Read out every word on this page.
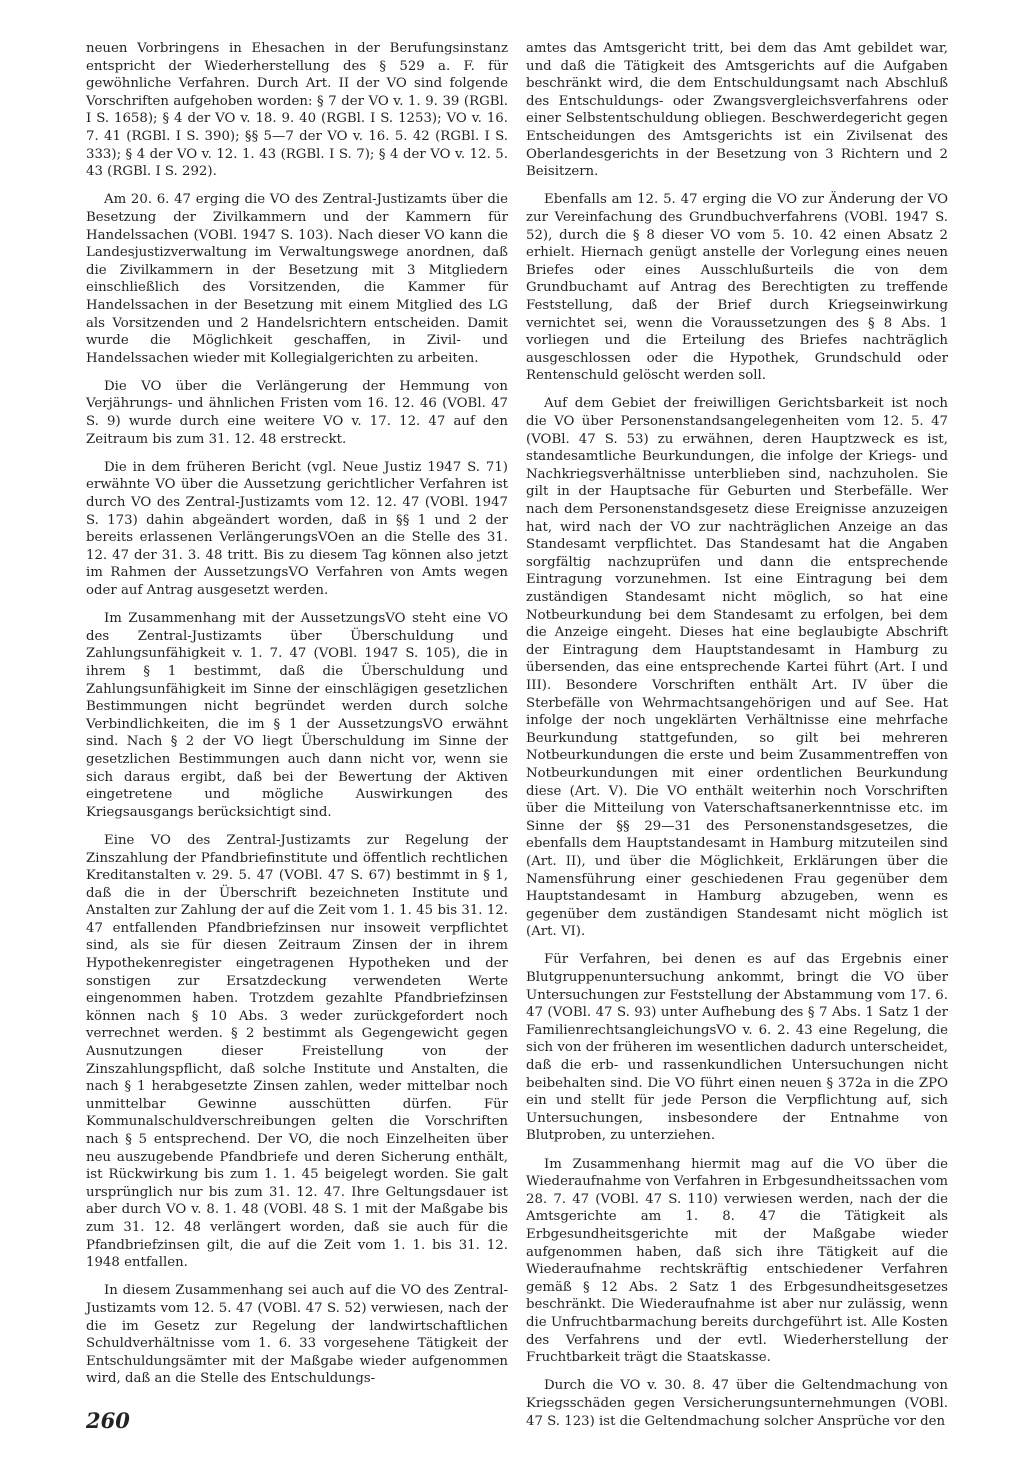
neuen Vorbringens in Ehesachen in der Berufungsinstanz entspricht der Wiederherstellung des § 529 a. F. für gewöhnliche Verfahren. Durch Art. II der VO sind folgende Vorschriften aufgehoben worden: § 7 der VO v. 1. 9. 39 (RGBl. I S. 1658); § 4 der VO v. 18. 9. 40 (RGBl. I S. 1253); VO v. 16. 7. 41 (RGBl. I S. 390); §§ 5—7 der VO v. 16. 5. 42 (RGBl. I S. 333); § 4 der VO v. 12. 1. 43 (RGBl. I S. 7); § 4 der VO v. 12. 5. 43 (RGBl. I S. 292).

Am 20. 6. 47 erging die VO des Zentral-Justizamts über die Besetzung der Zivilkammern und der Kammern für Handelssachen (VOBl. 1947 S. 103). Nach dieser VO kann die Landesjustizverwaltung im Verwaltungswege anordnen, daß die Zivilkammern in der Besetzung mit 3 Mitgliedern einschließlich des Vorsitzenden, die Kammer für Handelssachen in der Besetzung mit einem Mitglied des LG als Vorsitzenden und 2 Handelsrichtern entscheiden. Damit wurde die Möglichkeit geschaffen, in Zivil- und Handelssachen wieder mit Kollegialgerichten zu arbeiten.

Die VO über die Verlängerung der Hemmung von Verjährungs- und ähnlichen Fristen vom 16. 12. 46 (VOBl. 47 S. 9) wurde durch eine weitere VO v. 17. 12. 47 auf den Zeitraum bis zum 31. 12. 48 erstreckt.

Die in dem früheren Bericht (vgl. Neue Justiz 1947 S. 71) erwähnte VO über die Aussetzung gerichtlicher Verfahren ist durch VO des Zentral-Justizamts vom 12. 12. 47 (VOBl. 1947 S. 173) dahin abgeändert worden, daß in §§ 1 und 2 der bereits erlassenen VerlängerungsVOen an die Stelle des 31. 12. 47 der 31. 3. 48 tritt. Bis zu diesem Tag können also jetzt im Rahmen der AussetzungsVO Verfahren von Amts wegen oder auf Antrag ausgesetzt werden.

Im Zusammenhang mit der AussetzungsVO steht eine VO des Zentral-Justizamts über Überschuldung und Zahlungsunfähigkeit v. 1. 7. 47 (VOBl. 1947 S. 105), die in ihrem § 1 bestimmt, daß die Überschuldung und Zahlungsunfähigkeit im Sinne der einschlägigen gesetzlichen Bestimmungen nicht begründet werden durch solche Verbindlichkeiten, die im § 1 der AussetzungsVO erwähnt sind. Nach § 2 der VO liegt Überschuldung im Sinne der gesetzlichen Bestimmungen auch dann nicht vor, wenn sie sich daraus ergibt, daß bei der Bewertung der Aktiven eingetretene und mögliche Auswirkungen des Kriegsausgangs berücksichtigt sind.

Eine VO des Zentral-Justizamts zur Regelung der Zinszahlung der Pfandbriefinstitute und öffentlich rechtlichen Kreditanstalten v. 29. 5. 47 (VOBl. 47 S. 67) bestimmt in § 1, daß die in der Überschrift bezeichneten Institute und Anstalten zur Zahlung der auf die Zeit vom 1. 1. 45 bis 31. 12. 47 entfallenden Pfandbriefzinsen nur insoweit verpflichtet sind, als sie für diesen Zeitraum Zinsen der in ihrem Hypothekenregister eingetragenen Hypotheken und der sonstigen zur Ersatzdeckung verwendeten Werte eingenommen haben. Trotzdem gezahlte Pfandbriefzinsen können nach § 10 Abs. 3 weder zurückgefordert noch verrechnet werden. § 2 bestimmt als Gegengewicht gegen Ausnutzungen dieser Freistellung von der Zinszahlungspflicht, daß solche Institute und Anstalten, die nach § 1 herabgesetzte Zinsen zahlen, weder mittelbar noch unmittelbar Gewinne ausschütten dürfen. Für Kommunalschuldverschreibungen gelten die Vorschriften nach § 5 entsprechend. Der VO, die noch Einzelheiten über neu auszugebende Pfandbriefe und deren Sicherung enthält, ist Rückwirkung bis zum 1. 1. 45 beigelegt worden. Sie galt ursprünglich nur bis zum 31. 12. 47. Ihre Geltungsdauer ist aber durch VO v. 8. 1. 48 (VOBl. 48 S. 1 mit der Maßgabe bis zum 31. 12. 48 verlängert worden, daß sie auch für die Pfandbriefzinsen gilt, die auf die Zeit vom 1. 1. bis 31. 12. 1948 entfallen.

In diesem Zusammenhang sei auch auf die VO des Zentral-Justizamts vom 12. 5. 47 (VOBl. 47 S. 52) verwiesen, nach der die im Gesetz zur Regelung der landwirtschaftlichen Schuldverhältnisse vom 1. 6. 33 vorgesehene Tätigkeit der Entschuldungsämter mit der Maßgabe wieder aufgenommen wird, daß an die Stelle des Entschuldungs-

amtes das Amtsgericht tritt, bei dem das Amt gebildet war, und daß die Tätigkeit des Amtsgerichts auf die Aufgaben beschränkt wird, die dem Entschuldungsamt nach Abschluß des Entschuldungs- oder Zwangsvergleichsverfahrens oder einer Selbstentschuldung obliegen. Beschwerdegericht gegen Entscheidungen des Amtsgerichts ist ein Zivilsenat des Oberlandesgerichts in der Besetzung von 3 Richtern und 2 Beisitzern.

Ebenfalls am 12. 5. 47 erging die VO zur Änderung der VO zur Vereinfachung des Grundbuchverfahrens (VOBl. 1947 S. 52), durch die § 8 dieser VO vom 5. 10. 42 einen Absatz 2 erhielt. Hiernach genügt anstelle der Vorlegung eines neuen Briefes oder eines Ausschlußurteils die von dem Grundbuchamt auf Antrag des Berechtigten zu treffende Feststellung, daß der Brief durch Kriegseinwirkung vernichtet sei, wenn die Voraussetzungen des § 8 Abs. 1 vorliegen und die Erteilung des Briefes nachträglich ausgeschlossen oder die Hypothek, Grundschuld oder Rentenschuld gelöscht werden soll.

Auf dem Gebiet der freiwilligen Gerichtsbarkeit ist noch die VO über Personenstandsangelegenheiten vom 12. 5. 47 (VOBl. 47 S. 53) zu erwähnen, deren Hauptzweck es ist, standesamtliche Beurkundungen, die infolge der Kriegs- und Nachkriegsverhältnisse unterblieben sind, nachzuholen. Sie gilt in der Hauptsache für Geburten und Sterbefälle. Wer nach dem Personenstandsgesetz diese Ereignisse anzuzeigen hat, wird nach der VO zur nachträglichen Anzeige an das Standesamt verpflichtet. Das Standesamt hat die Angaben sorgfältig nachzuprüfen und dann die entsprechende Eintragung vorzunehmen. Ist eine Eintragung bei dem zuständigen Standesamt nicht möglich, so hat eine Notbeurkundung bei dem Standesamt zu erfolgen, bei dem die Anzeige eingeht. Dieses hat eine beglaubigte Abschrift der Eintragung dem Hauptstandesamt in Hamburg zu übersenden, das eine entsprechende Kartei führt (Art. I und III). Besondere Vorschriften enthält Art. IV über die Sterbefälle von Wehrmachtsangehörigen und auf See. Hat infolge der noch ungeklärten Verhältnisse eine mehrfache Beurkundung stattgefunden, so gilt bei mehreren Notbeurkundungen die erste und beim Zusammentreffen von Notbeurkundungen mit einer ordentlichen Beurkundung diese (Art. V). Die VO enthält weiterhin noch Vorschriften über die Mitteilung von Vaterschaftsanerkenntnisse etc. im Sinne der §§ 29—31 des Personenstandsgesetzes, die ebenfalls dem Hauptstandesamt in Hamburg mitzuteilen sind (Art. II), und über die Möglichkeit, Erklärungen über die Namensführung einer geschiedenen Frau gegenüber dem Hauptstandesamt in Hamburg abzugeben, wenn es gegenüber dem zuständigen Standesamt nicht möglich ist (Art. VI).

Für Verfahren, bei denen es auf das Ergebnis einer Blutgruppenuntersuchung ankommt, bringt die VO über Untersuchungen zur Feststellung der Abstammung vom 17. 6. 47 (VOBl. 47 S. 93) unter Aufhebung des § 7 Abs. 1 Satz 1 der FamilienrechtsangleichungsVO v. 6. 2. 43 eine Regelung, die sich von der früheren im wesentlichen dadurch unterscheidet, daß die erb- und rassenkundlichen Untersuchungen nicht beibehalten sind. Die VO führt einen neuen § 372a in die ZPO ein und stellt für jede Person die Verpflichtung auf, sich Untersuchungen, insbesondere der Entnahme von Blutproben, zu unterziehen.

Im Zusammenhang hiermit mag auf die VO über die Wiederaufnahme von Verfahren in Erbgesundheitssachen vom 28. 7. 47 (VOBl. 47 S. 110) verwiesen werden, nach der die Amtsgerichte am 1. 8. 47 die Tätigkeit als Erbgesundheitsgerichte mit der Maßgabe wieder aufgenommen haben, daß sich ihre Tätigkeit auf die Wiederaufnahme rechtskräftig entschiedener Verfahren gemäß § 12 Abs. 2 Satz 1 des Erbgesundheitsgesetzes beschränkt. Die Wiederaufnahme ist aber nur zulässig, wenn die Unfruchtbarmachung bereits durchgeführt ist. Alle Kosten des Verfahrens und der evtl. Wiederherstellung der Fruchtbarkeit trägt die Staatskasse.

Durch die VO v. 30. 8. 47 über die Geltendmachung von Kriegsschäden gegen Versicherungsunternehmungen (VOBl. 47 S. 123) ist die Geltendmachung solcher Ansprüche vor den

260
